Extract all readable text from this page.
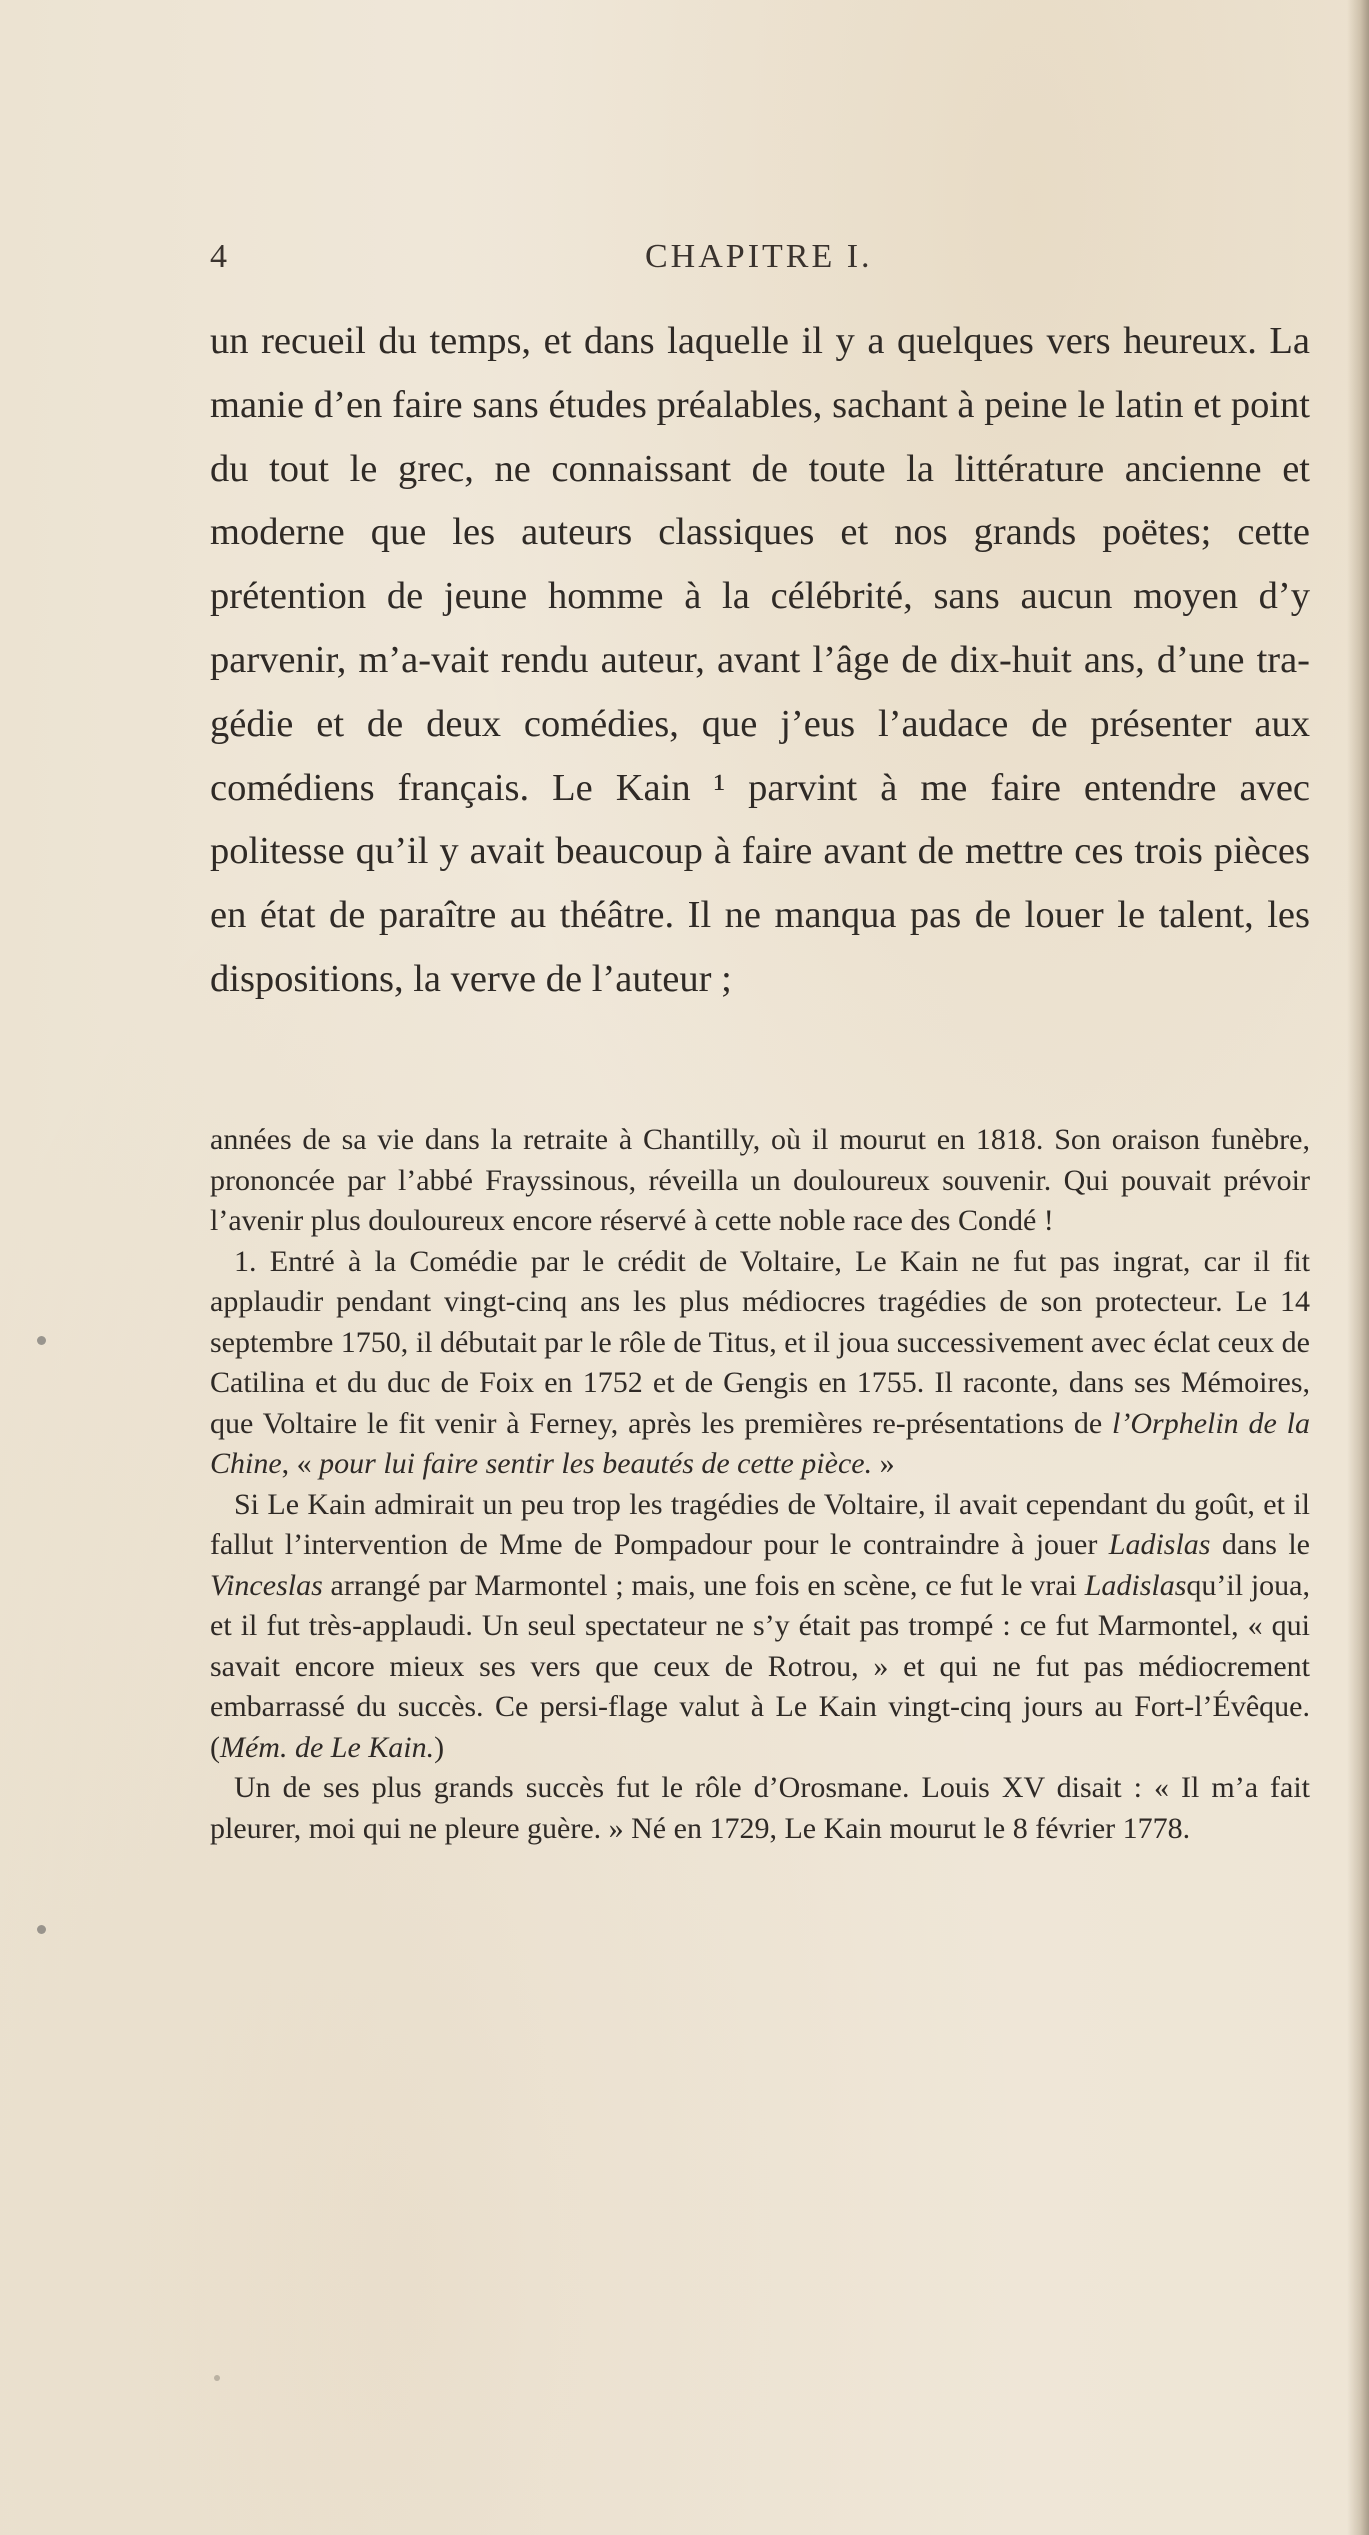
4	CHAPITRE I.

un recueil du temps, et dans laquelle il y a quelques vers heureux. La manie d’en faire sans études préalables, sachant à peine le latin et point du tout le grec, ne connaissant de toute la littérature ancienne et moderne que les auteurs classiques et nos grands poëtes; cette prétention de jeune homme à la célébrité, sans aucun moyen d’y parvenir, m’a-vait rendu auteur, avant l’âge de dix-huit ans, d’une tra-gédie et de deux comédies, que j’eus l’audace de présenter aux comédiens français. Le Kain ¹ parvint à me faire entendre avec politesse qu’il y avait beaucoup à faire avant de mettre ces trois pièces en état de paraître au théâtre. Il ne manqua pas de louer le talent, les dispositions, la verve de l’auteur ;

années de sa vie dans la retraite à Chantilly, où il mourut en 1818. Son oraison funèbre, prononcée par l’abbé Frayssinous, réveilla un douloureux souvenir. Qui pouvait prévoir l’avenir plus douloureux encore réservé à cette noble race des Condé !

1. Entré à la Comédie par le crédit de Voltaire, Le Kain ne fut pas ingrat, car il fit applaudir pendant vingt-cinq ans les plus médiocres tragédies de son protecteur. Le 14 septembre 1750, il débutait par le rôle de Titus, et il joua successivement avec éclat ceux de Catilina et du duc de Foix en 1752 et de Gengis en 1755. Il raconte, dans ses Mémoires, que Voltaire le fit venir à Ferney, après les premières re-présentations de l’Orphelin de la Chine, « pour lui faire sentir les beautés de cette pièce. »

Si Le Kain admirait un peu trop les tragédies de Voltaire, il avait cependant du goût, et il fallut l’intervention de Mme de Pompadour pour le contraindre à jouer Ladislas dans le Vinceslas arrangé par Marmontel ; mais, une fois en scène, ce fut le vrai Ladislasqu’il joua, et il fut très-applaudi. Un seul spectateur ne s’y était pas trompé : ce fut Marmontel, « qui savait encore mieux ses vers que ceux de Rotrou, » et qui ne fut pas médiocrement embarrassé du succès. Ce persi-flage valut à Le Kain vingt-cinq jours au Fort-l’Évêque. (Mém. de Le Kain.)

Un de ses plus grands succès fut le rôle d’Orosmane. Louis XV disait : « Il m’a fait pleurer, moi qui ne pleure guère. » Né en 1729, Le Kain mourut le 8 février 1778.
